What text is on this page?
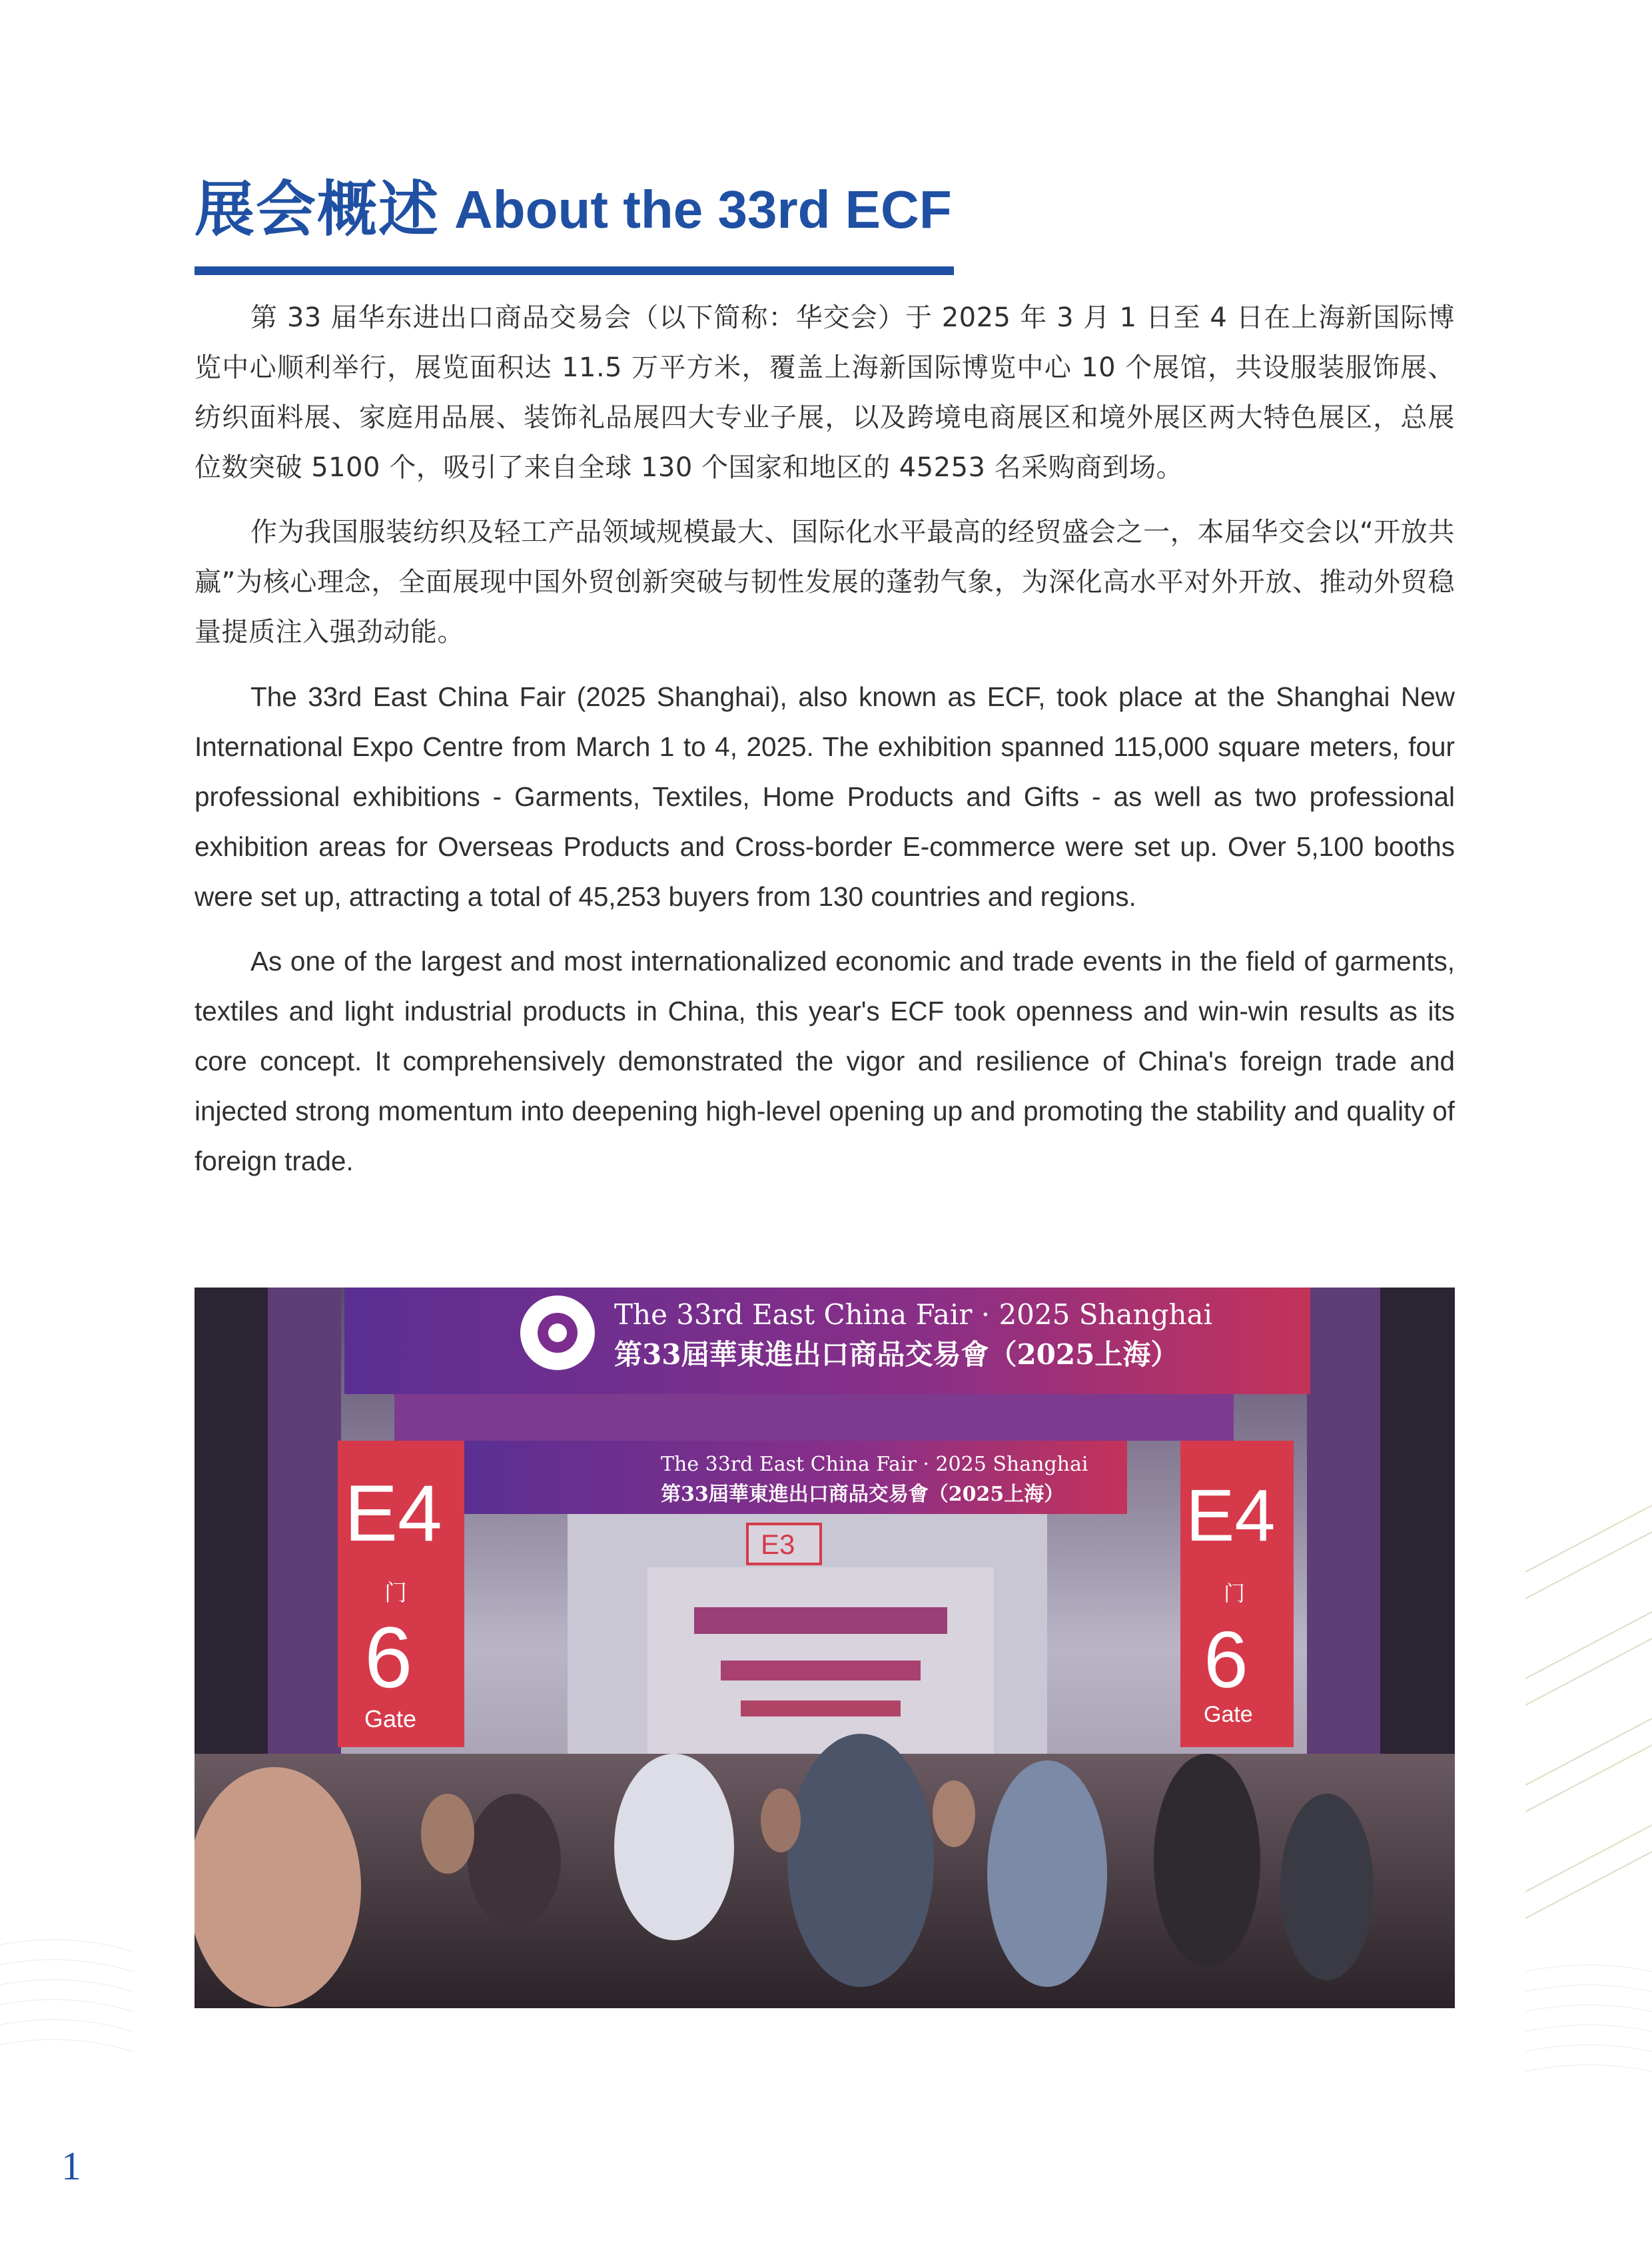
展会概述 About the 33rd ECF

第 33 届华东进出口商品交易会（以下简称：华交会）于 2025 年 3 月 1 日至 4 日在上海新国际博览中心顺利举行，展览面积达 11.5 万平方米，覆盖上海新国际博览中心 10 个展馆，共设服装服饰展、纺织面料展、家庭用品展、装饰礼品展四大专业子展，以及跨境电商展区和境外展区两大特色展区，总展位数突破 5100 个，吸引了来自全球 130 个国家和地区的 45253 名采购商到场。

作为我国服装纺织及轻工产品领域规模最大、国际化水平最高的经贸盛会之一，本届华交会以“开放共赢”为核心理念，全面展现中国外贸创新突破与韧性发展的蓬勃气象，为深化高水平对外开放、推动外贸稳量提质注入强劲动能。

The 33rd East China Fair (2025 Shanghai), also known as ECF, took place at the Shanghai New International Expo Centre from March 1 to 4, 2025. The exhibition spanned 115,000 square meters, four professional exhibitions - Garments, Textiles, Home Products and Gifts - as well as two professional exhibition areas for Overseas Products and Cross-border E-commerce were set up. Over 5,100 booths were set up, attracting a total of 45,253 buyers from 130 countries and regions.

As one of the largest and most internationalized economic and trade events in the field of garments, textiles and light industrial products in China, this year's ECF took openness and win-win results as its core concept. It comprehensively demonstrated the vigor and resilience of China's foreign trade and injected strong momentum into deepening high-level opening up and promoting the stability and quality of foreign trade.

The 33rd East China Fair · 2025 Shanghai
第33屆華東進出口商品交易會（2025上海）
E4
门
6
Gate
E4
门
6
Gate
E3
The 33rd East China Fair · 2025 Shanghai
第33屆華東進出口商品交易會（2025上海）
1
